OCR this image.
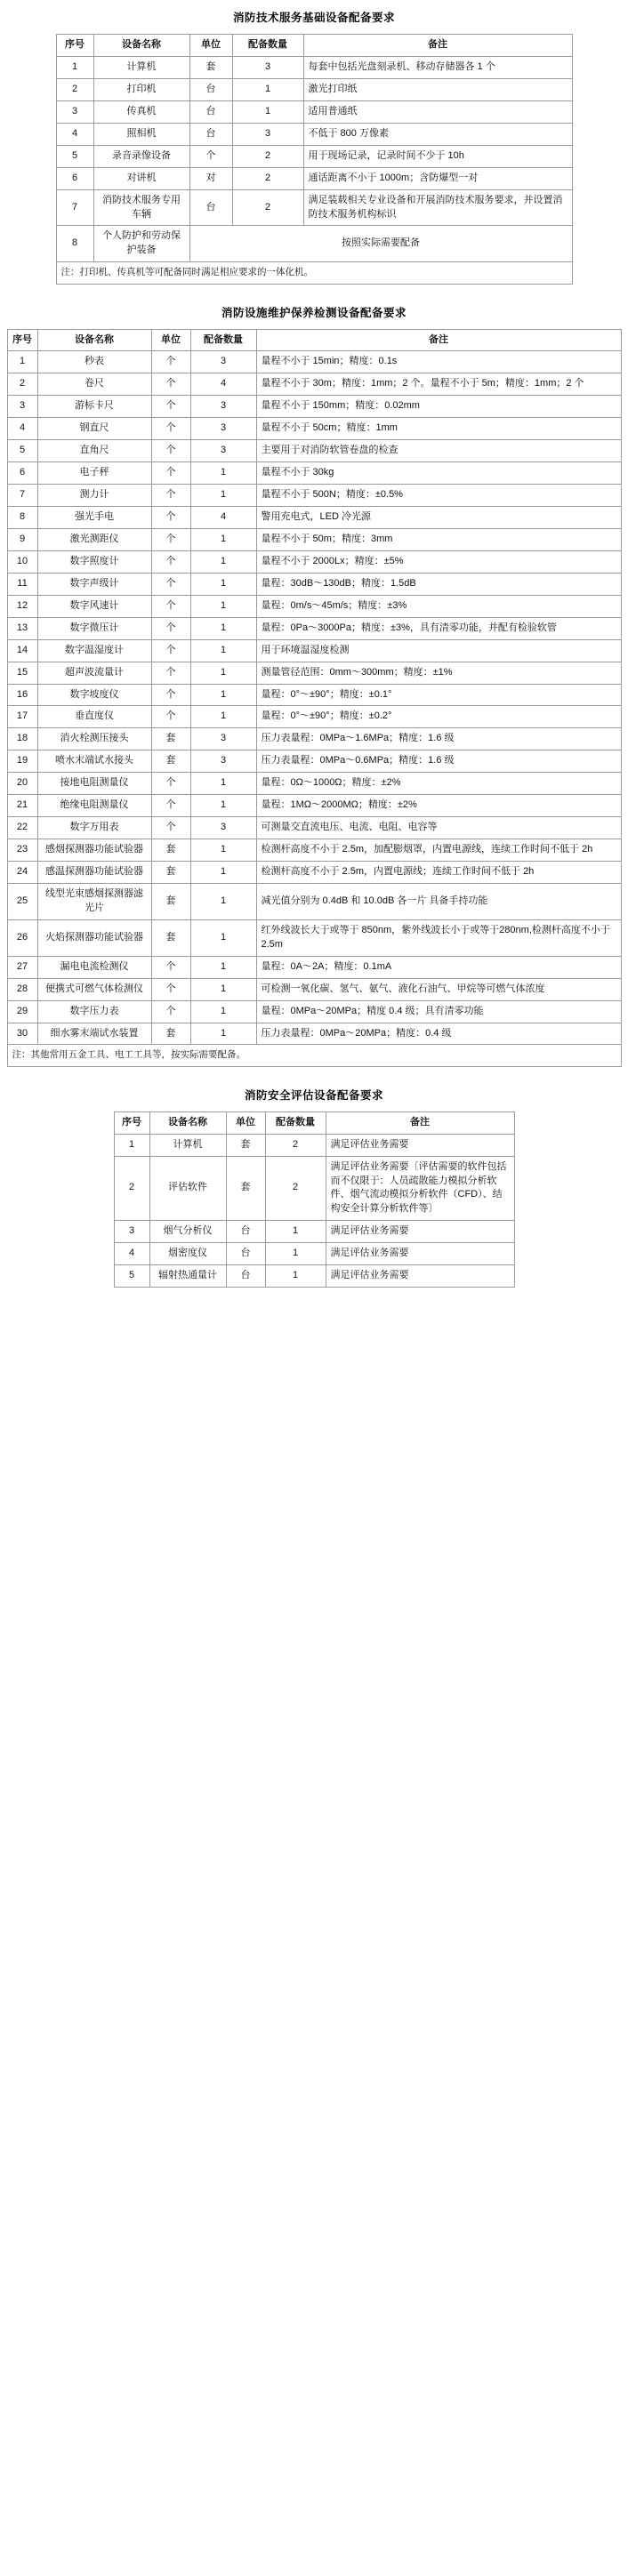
消防技术服务基础设备配备要求
序号	设备名称	单位	配备数量	备注
1	计算机	套	3	每套中包括光盘刻录机、移动存储器各 1 个
2	打印机	台	1	激光打印纸
3	传真机	台	1	适用普通纸
4	照相机	台	3	不低于 800 万像素
5	录音录像设备	个	2	用于现场记录，记录时间不少于 10h
6	对讲机	对	2	通话距离不小于 1000m；含防爆型一对
7	消防技术服务专用车辆	台	2	满足装载相关专业设备和开展消防技术服务要求，并设置消防技术服务机构标识
8	个人防护和劳动保护装备	按照实际需要配备		
注：打印机、传真机等可配备同时满足相应要求的一体化机。				
消防设施维护保养检测设备配备要求
序号	设备名称	单位	配备数量	备注
1	秒表	个	3	量程不小于 15min；精度：0.1s
2	卷尺	个	4	量程不小于 30m；精度：1mm；2 个。量程不小于 5m；精度：1mm；2 个
3	游标卡尺	个	3	量程不小于 150mm；精度：0.02mm
4	钢直尺	个	3	量程不小于 50cm；精度：1mm
5	直角尺	个	3	主要用于对消防软管卷盘的检查
6	电子秤	个	1	量程不小于 30kg
7	测力计	个	1	量程不小于 500N；精度：±0.5%
8	强光手电	个	4	警用充电式，LED 冷光源
9	激光测距仪	个	1	量程不小于 50m；精度：3mm
10	数字照度计	个	1	量程不小于 2000Lx；精度：±5%
11	数字声级计	个	1	量程：30dB～130dB；精度：1.5dB
12	数字风速计	个	1	量程：0m/s～45m/s；精度：±3%
13	数字微压计	个	1	量程：0Pa～3000Pa；精度：±3%，具有清零功能，并配有检验软管
14	数字温湿度计	个	1	用于环境温湿度检测
15	超声波流量计	个	1	测量管径范围：0mm～300mm；精度：±1%
16	数字坡度仪	个	1	量程：0°～±90°；精度：±0.1°
17	垂直度仪	个	1	量程：0°～±90°；精度：±0.2°
18	消火栓测压接头	套	3	压力表量程：0MPa～1.6MPa；精度：1.6 级
19	喷水末端试水接头	套	3	压力表量程：0MPa～0.6MPa；精度：1.6 级
20	接地电阻测量仪	个	1	量程：0Ω～1000Ω；精度：±2%
21	绝缘电阻测量仪	个	1	量程：1MΩ～2000MΩ；精度：±2%
22	数字万用表	个	3	可测量交直流电压、电流、电阻、电容等
23	感烟探测器功能试验器	套	1	检测杆高度不小于 2.5m，加配膨烟罩，内置电源线，连续工作时间不低于 2h
24	感温探测器功能试验器	套	1	检测杆高度不小于 2.5m，内置电源线；连续工作时间不低于 2h
25	线型光束感烟探测器滤光片	套	1	减光值分别为 0.4dB 和 10.0dB 各一片 具备手持功能
26	火焰探测器功能试验器	套	1	红外线波长大于或等于 850nm，紫外线波长小于或等于280nm,检测杆高度不小于 2.5m
27	漏电电流检测仪	个	1	量程：0A～2A；精度：0.1mA
28	便携式可燃气体检测仪	个	1	可检测一氧化碳、氢气、氨气、液化石油气、甲烷等可燃气体浓度
29	数字压力表	个	1	量程：0MPa～20MPa；精度 0.4 级；具有清零功能
30	细水雾末端试水装置	套	1	压力表量程：0MPa～20MPa；精度：0.4 级
注：其他常用五金工具、电工工具等，按实际需要配备。				
消防安全评估设备配备要求
序号	设备名称	单位	配备数量	备注
1	计算机	套	2	满足评估业务需要
2	评估软件	套	2	满足评估业务需要〔评估需要的软件包括而不仅限于：人员疏散能力模拟分析软件、烟气流动模拟分析软件（CFD）、结构安全计算分析软件等〕
3	烟气分析仪	台	1	满足评估业务需要
4	烟密度仪	台	1	满足评估业务需要
5	辐射热通量计	台	1	满足评估业务需要
